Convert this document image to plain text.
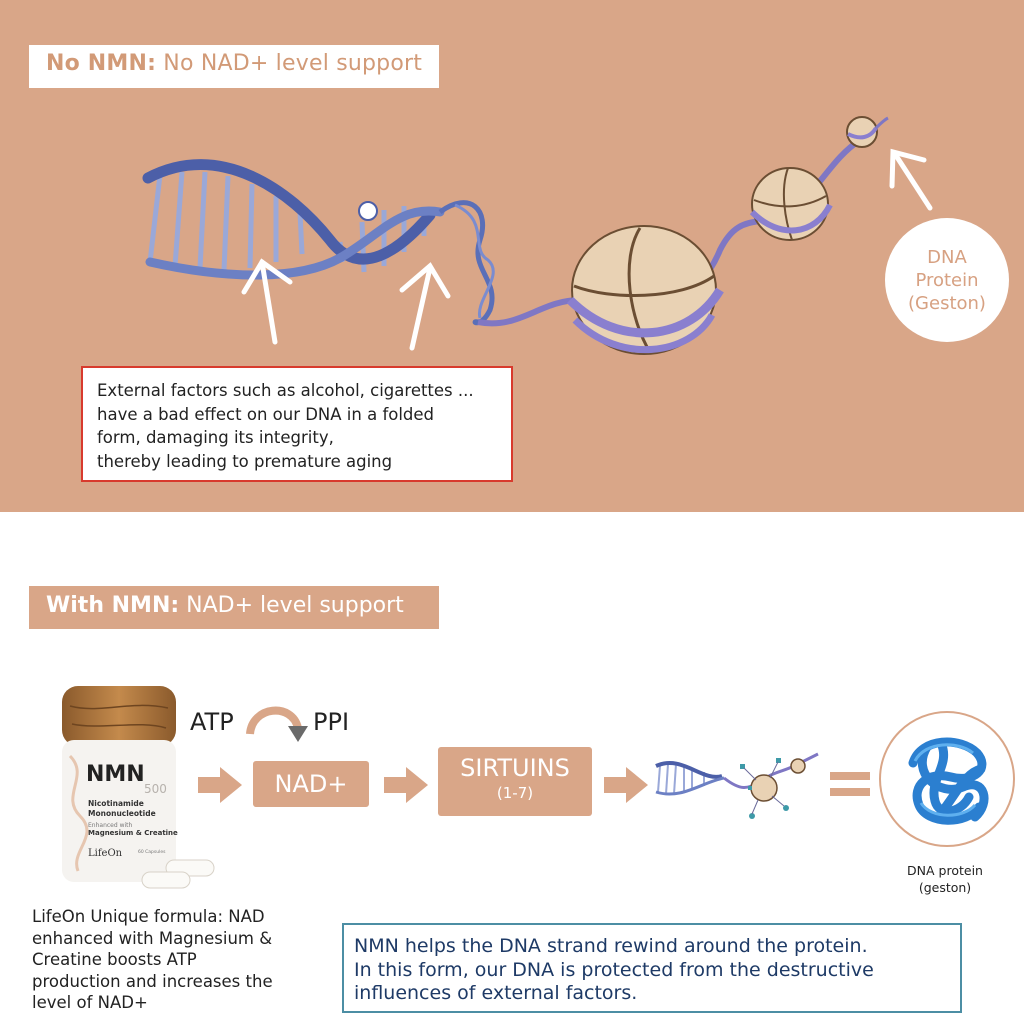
No NMN: No NAD+ level support
External factors such as alcohol, cigarettes ...
have a bad effect on our DNA in a folded
form, damaging its integrity,
thereby leading to premature aging
DNA
Protein
(Geston)
With NMN: NAD+ level support
NMN
500
Nicotinamide
Mononucleotide
Enhanced with
Magnesium & Creatine
LifeOn	60 Capsules
ATP	PPI
NAD+
SIRTUINS
(1-7)
DNA protein
(geston)
LifeOn Unique formula: NAD
enhanced with Magnesium &
Creatine boosts ATP
production and increases the
level of NAD+
NMN helps the DNA strand rewind around the protein.
In this form, our DNA is protected from the destructive
influences of external factors.
